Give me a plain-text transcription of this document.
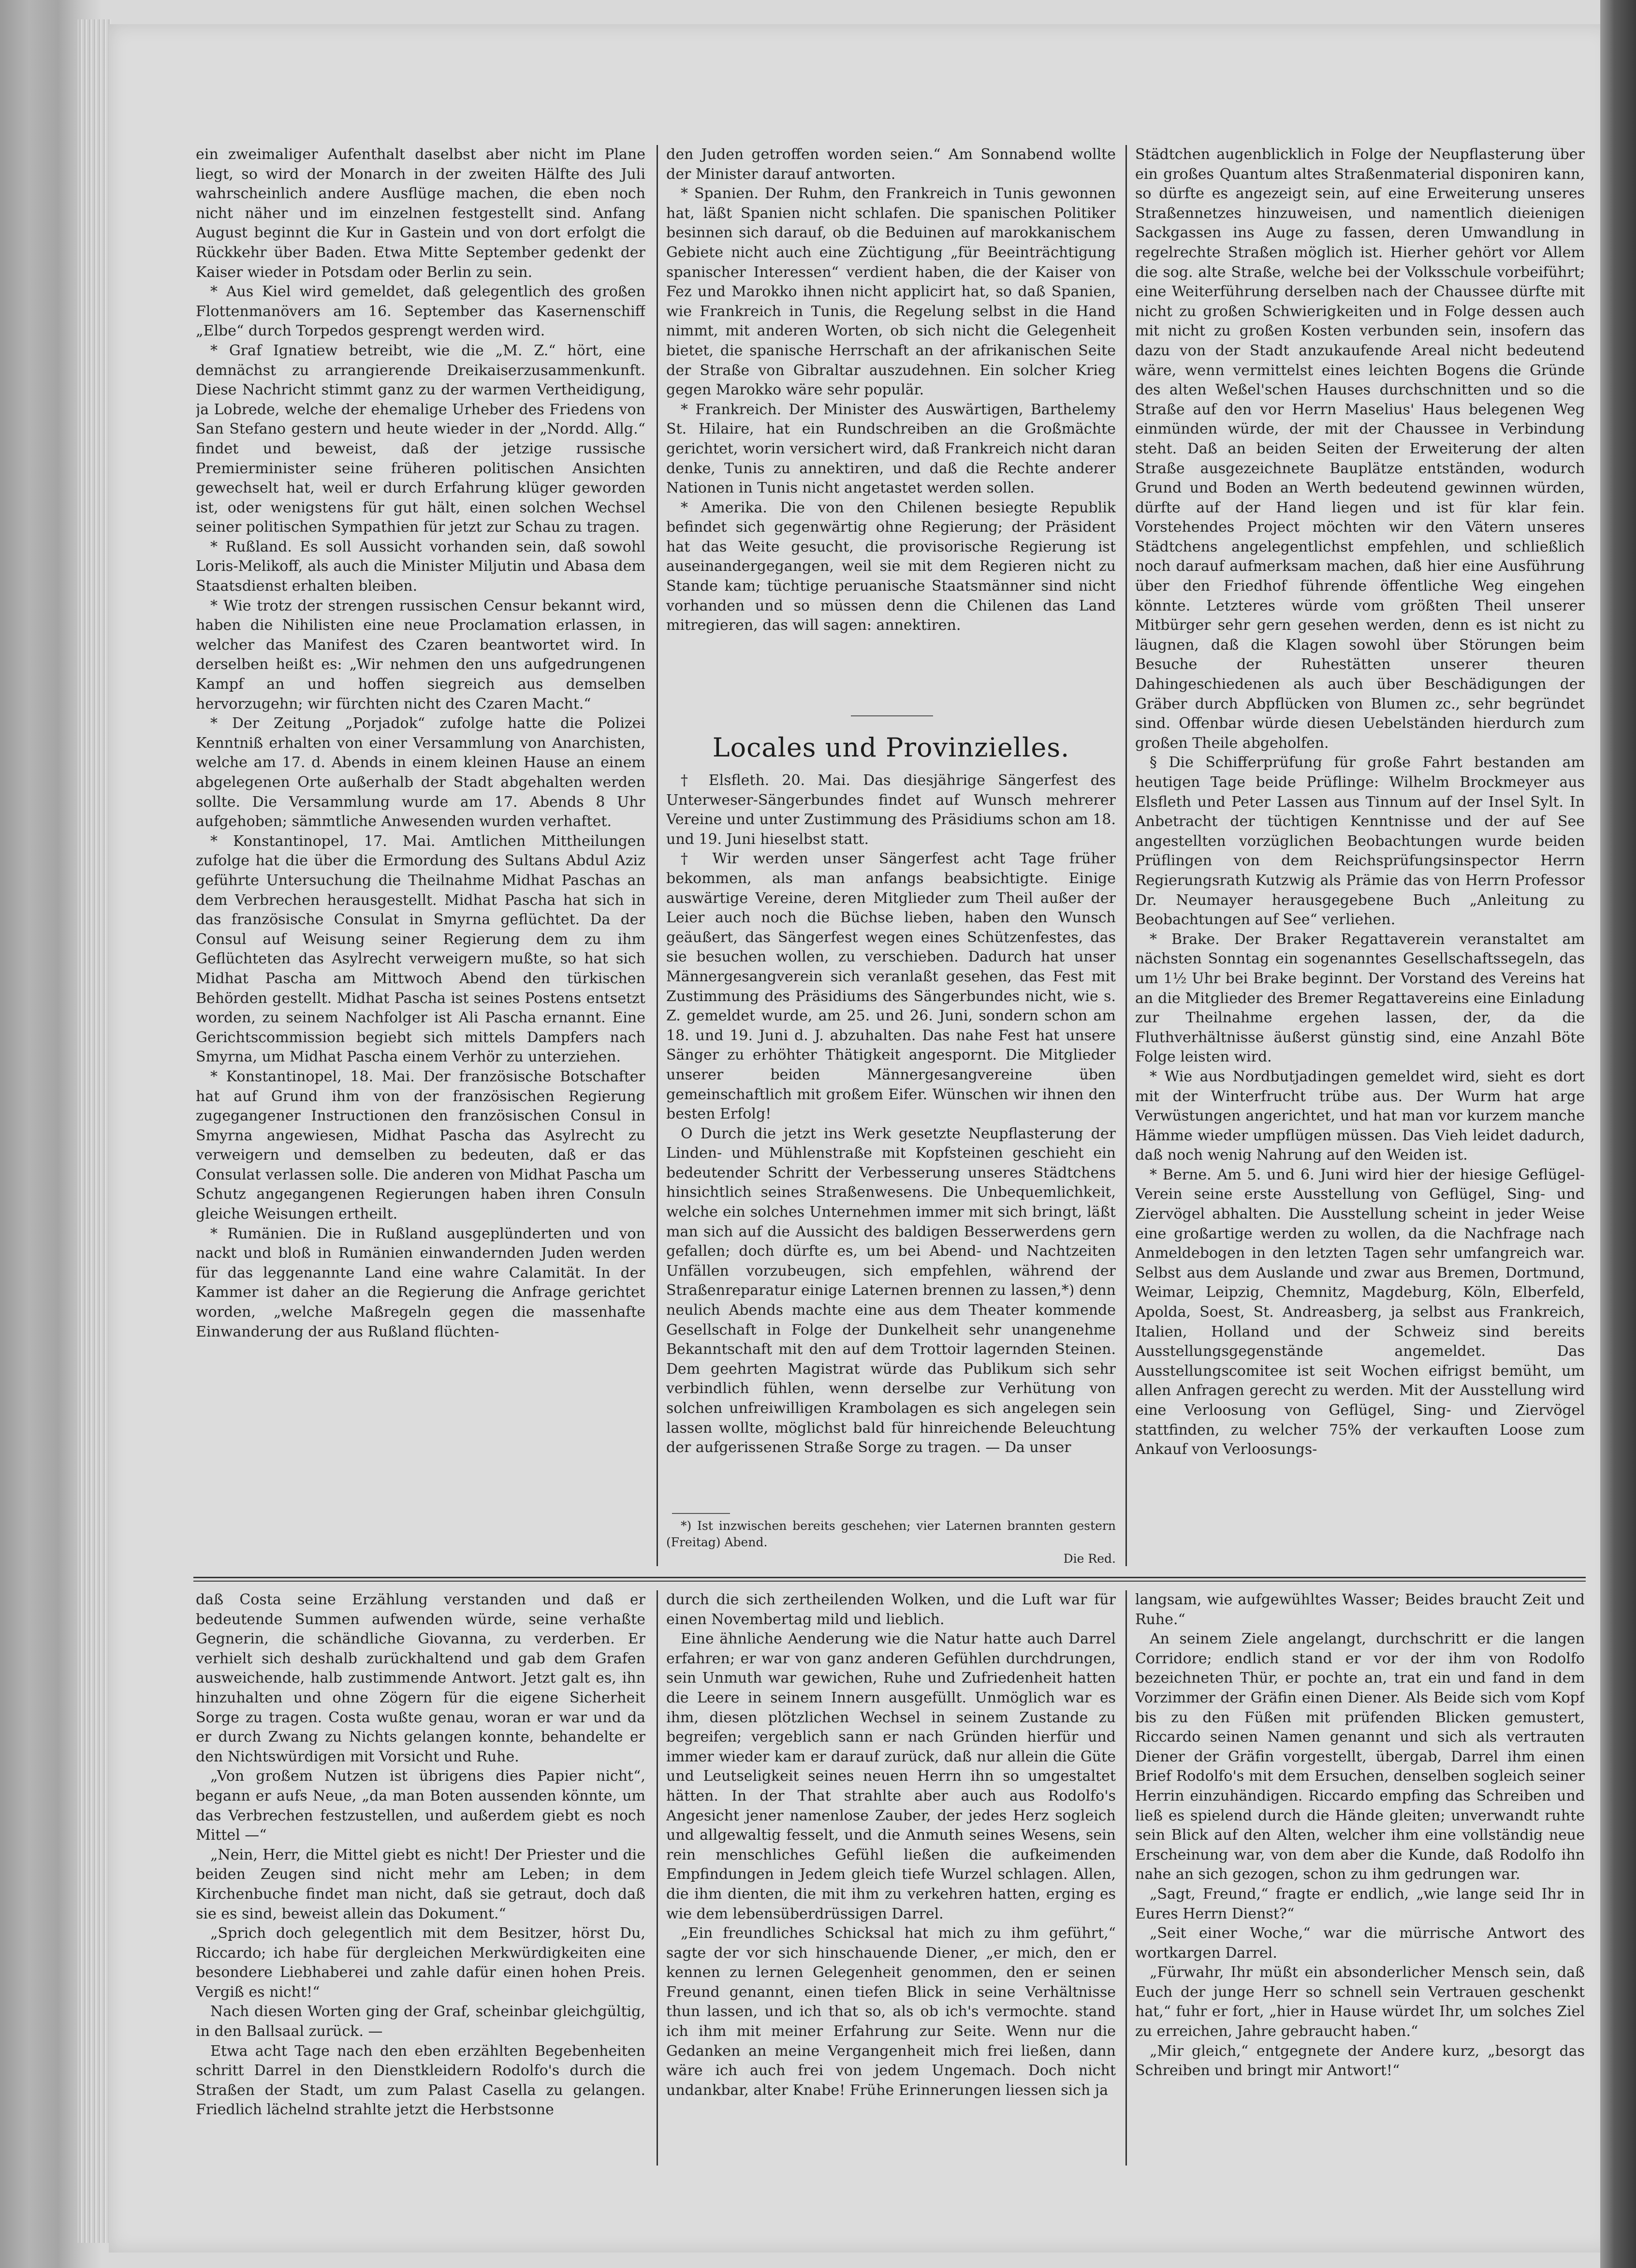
ein zweimaliger Aufenthalt daselbst aber nicht im Plane liegt, so wird der Monarch in der zweiten Hälfte des Juli wahrscheinlich andere Ausflüge machen, die eben noch nicht näher und im einzelnen festgestellt sind. Anfang August beginnt die Kur in Gastein und von dort erfolgt die Rückkehr über Baden. Etwa Mitte September gedenkt der Kaiser wieder in Potsdam oder Berlin zu sein.

* Aus Kiel wird gemeldet, daß gelegentlich des großen Flottenmanövers am 16. September das Kasernenschiff „Elbe“ durch Torpedos gesprengt werden wird.

* Graf Ignatiew betreibt, wie die „M. Z.“ hört, eine demnächst zu arrangierende Dreikaiserzusammenkunft. Diese Nachricht stimmt ganz zu der warmen Vertheidigung, ja Lobrede, welche der ehemalige Urheber des Friedens von San Stefano gestern und heute wieder in der „Nordd. Allg.“ findet und beweist, daß der jetzige russische Premierminister seine früheren politischen Ansichten gewechselt hat, weil er durch Erfahrung klüger geworden ist, oder wenigstens für gut hält, einen solchen Wechsel seiner politischen Sympathien für jetzt zur Schau zu tragen.

* Rußland. Es soll Aussicht vorhanden sein, daß sowohl Loris-Melikoff, als auch die Minister Miljutin und Abasa dem Staatsdienst erhalten bleiben.

* Wie trotz der strengen russischen Censur bekannt wird, haben die Nihilisten eine neue Proclamation erlassen, in welcher das Manifest des Czaren beantwortet wird. In derselben heißt es: „Wir nehmen den uns aufgedrungenen Kampf an und hoffen siegreich aus demselben hervorzugehn; wir fürchten nicht des Czaren Macht.“

* Der Zeitung „Porjadok“ zufolge hatte die Polizei Kenntniß erhalten von einer Versammlung von Anarchisten, welche am 17. d. Abends in einem kleinen Hause an einem abgelegenen Orte außerhalb der Stadt abgehalten werden sollte. Die Versammlung wurde am 17. Abends 8 Uhr aufgehoben; sämmtliche Anwesenden wurden verhaftet.

* Konstantinopel, 17. Mai. Amtlichen Mittheilungen zufolge hat die über die Ermordung des Sultans Abdul Aziz geführte Untersuchung die Theilnahme Midhat Paschas an dem Verbrechen herausgestellt. Midhat Pascha hat sich in das französische Consulat in Smyrna geflüchtet. Da der Consul auf Weisung seiner Regierung dem zu ihm Geflüchteten das Asylrecht verweigern mußte, so hat sich Midhat Pascha am Mittwoch Abend den türkischen Behörden gestellt. Midhat Pascha ist seines Postens entsetzt worden, zu seinem Nachfolger ist Ali Pascha ernannt. Eine Gerichtscommission begiebt sich mittels Dampfers nach Smyrna, um Midhat Pascha einem Verhör zu unterziehen.

* Konstantinopel, 18. Mai. Der französische Botschafter hat auf Grund ihm von der französischen Regierung zugegangener Instructionen den französischen Consul in Smyrna angewiesen, Midhat Pascha das Asylrecht zu verweigern und demselben zu bedeuten, daß er das Consulat verlassen solle. Die anderen von Midhat Pascha um Schutz angegangenen Regierungen haben ihren Consuln gleiche Weisungen ertheilt.

* Rumänien. Die in Rußland ausgeplünderten und von nackt und bloß in Rumänien einwandernden Juden werden für das leggenannte Land eine wahre Calamität. In der Kammer ist daher an die Regierung die Anfrage gerichtet worden, „welche Maßregeln gegen die massenhafte Einwanderung der aus Rußland flüchten-

den Juden getroffen worden seien.“ Am Sonnabend wollte der Minister darauf antworten.

* Spanien. Der Ruhm, den Frankreich in Tunis gewonnen hat, läßt Spanien nicht schlafen. Die spanischen Politiker besinnen sich darauf, ob die Beduinen auf marokkanischem Gebiete nicht auch eine Züchtigung „für Beeinträchtigung spanischer Interessen“ verdient haben, die der Kaiser von Fez und Marokko ihnen nicht applicirt hat, so daß Spanien, wie Frankreich in Tunis, die Regelung selbst in die Hand nimmt, mit anderen Worten, ob sich nicht die Gelegenheit bietet, die spanische Herrschaft an der afrikanischen Seite der Straße von Gibraltar auszudehnen. Ein solcher Krieg gegen Marokko wäre sehr populär.

* Frankreich. Der Minister des Auswärtigen, Barthelemy St. Hilaire, hat ein Rundschreiben an die Großmächte gerichtet, worin versichert wird, daß Frankreich nicht daran denke, Tunis zu annektiren, und daß die Rechte anderer Nationen in Tunis nicht angetastet werden sollen.

* Amerika. Die von den Chilenen besiegte Republik befindet sich gegenwärtig ohne Regierung; der Präsident hat das Weite gesucht, die provisorische Regierung ist auseinandergegangen, weil sie mit dem Regieren nicht zu Stande kam; tüchtige peruanische Staatsmänner sind nicht vorhanden und so müssen denn die Chilenen das Land mitregieren, das will sagen: annektiren.

Locales und Provinzielles.

† Elsfleth. 20. Mai. Das diesjährige Sängerfest des Unterweser-Sängerbundes findet auf Wunsch mehrerer Vereine und unter Zustimmung des Präsidiums schon am 18. und 19. Juni hieselbst statt.

† Wir werden unser Sängerfest acht Tage früher bekommen, als man anfangs beabsichtigte. Einige auswärtige Vereine, deren Mitglieder zum Theil außer der Leier auch noch die Büchse lieben, haben den Wunsch geäußert, das Sängerfest wegen eines Schützenfestes, das sie besuchen wollen, zu verschieben. Dadurch hat unser Männergesangverein sich veranlaßt gesehen, das Fest mit Zustimmung des Präsidiums des Sängerbundes nicht, wie s. Z. gemeldet wurde, am 25. und 26. Juni, sondern schon am 18. und 19. Juni d. J. abzuhalten. Das nahe Fest hat unsere Sänger zu erhöhter Thätigkeit angespornt. Die Mitglieder unserer beiden Männergesangvereine üben gemeinschaftlich mit großem Eifer. Wünschen wir ihnen den besten Erfolg!

O Durch die jetzt ins Werk gesetzte Neupflasterung der Linden- und Mühlenstraße mit Kopfsteinen geschieht ein bedeutender Schritt der Verbesserung unseres Städtchens hinsichtlich seines Straßenwesens. Die Unbequemlichkeit, welche ein solches Unternehmen immer mit sich bringt, läßt man sich auf die Aussicht des baldigen Besserwerdens gern gefallen; doch dürfte es, um bei Abend- und Nachtzeiten Unfällen vorzubeugen, sich empfehlen, während der Straßenreparatur einige Laternen brennen zu lassen,*) denn neulich Abends machte eine aus dem Theater kommende Gesellschaft in Folge der Dunkelheit sehr unangenehme Bekanntschaft mit den auf dem Trottoir lagernden Steinen. Dem geehrten Magistrat würde das Publikum sich sehr verbindlich fühlen, wenn derselbe zur Verhütung von solchen unfreiwilligen Krambolagen es sich angelegen sein lassen wollte, möglichst bald für hinreichende Beleuchtung der aufgerissenen Straße Sorge zu tragen. — Da unser

*) Ist inzwischen bereits geschehen; vier Laternen brannten gestern (Freitag) Abend.

Die Red.

Städtchen augenblicklich in Folge der Neupflasterung über ein großes Quantum altes Straßenmaterial disponiren kann, so dürfte es angezeigt sein, auf eine Erweiterung unseres Straßennetzes hinzuweisen, und namentlich dieienigen Sackgassen ins Auge zu fassen, deren Umwandlung in regelrechte Straßen möglich ist. Hierher gehört vor Allem die sog. alte Straße, welche bei der Volksschule vorbeiführt; eine Weiterführung derselben nach der Chaussee dürfte mit nicht zu großen Schwierigkeiten und in Folge dessen auch mit nicht zu großen Kosten verbunden sein, insofern das dazu von der Stadt anzukaufende Areal nicht bedeutend wäre, wenn vermittelst eines leichten Bogens die Gründe des alten Weßel'schen Hauses durchschnitten und so die Straße auf den vor Herrn Maselius' Haus belegenen Weg einmünden würde, der mit der Chaussee in Verbindung steht. Daß an beiden Seiten der Erweiterung der alten Straße ausgezeichnete Bauplätze entständen, wodurch Grund und Boden an Werth bedeutend gewinnen würden, dürfte auf der Hand liegen und ist für klar fein. Vorstehendes Project möchten wir den Vätern unseres Städtchens angelegentlichst empfehlen, und schließlich noch darauf aufmerksam machen, daß hier eine Ausführung über den Friedhof führende öffentliche Weg eingehen könnte. Letzteres würde vom größten Theil unserer Mitbürger sehr gern gesehen werden, denn es ist nicht zu läugnen, daß die Klagen sowohl über Störungen beim Besuche der Ruhestätten unserer theuren Dahingeschiedenen als auch über Beschädigungen der Gräber durch Abpflücken von Blumen zc., sehr begründet sind. Offenbar würde diesen Uebelständen hierdurch zum großen Theile abgeholfen.

§ Die Schifferprüfung für große Fahrt bestanden am heutigen Tage beide Prüflinge: Wilhelm Brockmeyer aus Elsfleth und Peter Lassen aus Tinnum auf der Insel Sylt. In Anbetracht der tüchtigen Kenntnisse und der auf See angestellten vorzüglichen Beobachtungen wurde beiden Prüflingen von dem Reichsprüfungsinspector Herrn Regierungsrath Kutzwig als Prämie das von Herrn Professor Dr. Neumayer herausgegebene Buch „Anleitung zu Beobachtungen auf See“ verliehen.

* Brake. Der Braker Regattaverein veranstaltet am nächsten Sonntag ein sogenanntes Gesellschaftssegeln, das um 1½ Uhr bei Brake beginnt. Der Vorstand des Vereins hat an die Mitglieder des Bremer Regattavereins eine Einladung zur Theilnahme ergehen lassen, der, da die Fluthverhältnisse äußerst günstig sind, eine Anzahl Böte Folge leisten wird.

* Wie aus Nordbutjadingen gemeldet wird, sieht es dort mit der Winterfrucht trübe aus. Der Wurm hat arge Verwüstungen angerichtet, und hat man vor kurzem manche Hämme wieder umpflügen müssen. Das Vieh leidet dadurch, daß noch wenig Nahrung auf den Weiden ist.

* Berne. Am 5. und 6. Juni wird hier der hiesige Geflügel-Verein seine erste Ausstellung von Geflügel, Sing- und Ziervögel abhalten. Die Ausstellung scheint in jeder Weise eine großartige werden zu wollen, da die Nachfrage nach Anmeldebogen in den letzten Tagen sehr umfangreich war. Selbst aus dem Auslande und zwar aus Bremen, Dortmund, Weimar, Leipzig, Chemnitz, Magdeburg, Köln, Elberfeld, Apolda, Soest, St. Andreasberg, ja selbst aus Frankreich, Italien, Holland und der Schweiz sind bereits Ausstellungsgegenstände angemeldet. Das Ausstellungscomitee ist seit Wochen eifrigst bemüht, um allen Anfragen gerecht zu werden. Mit der Ausstellung wird eine Verloosung von Geflügel, Sing- und Ziervögel stattfinden, zu welcher 75% der verkauften Loose zum Ankauf von Verloosungs-

daß Costa seine Erzählung verstanden und daß er bedeutende Summen aufwenden würde, seine verhaßte Gegnerin, die schändliche Giovanna, zu verderben. Er verhielt sich deshalb zurückhaltend und gab dem Grafen ausweichende, halb zustimmende Antwort. Jetzt galt es, ihn hinzuhalten und ohne Zögern für die eigene Sicherheit Sorge zu tragen. Costa wußte genau, woran er war und da er durch Zwang zu Nichts gelangen konnte, behandelte er den Nichtswürdigen mit Vorsicht und Ruhe.

„Von großem Nutzen ist übrigens dies Papier nicht“, begann er aufs Neue, „da man Boten aussenden könnte, um das Verbrechen festzustellen, und außerdem giebt es noch Mittel —“

„Nein, Herr, die Mittel giebt es nicht! Der Priester und die beiden Zeugen sind nicht mehr am Leben; in dem Kirchenbuche findet man nicht, daß sie getraut, doch daß sie es sind, beweist allein das Dokument.“

„Sprich doch gelegentlich mit dem Besitzer, hörst Du, Riccardo; ich habe für dergleichen Merkwürdigkeiten eine besondere Liebhaberei und zahle dafür einen hohen Preis. Vergiß es nicht!“

Nach diesen Worten ging der Graf, scheinbar gleichgültig, in den Ballsaal zurück. —

Etwa acht Tage nach den eben erzählten Begebenheiten schritt Darrel in den Dienstkleidern Rodolfo's durch die Straßen der Stadt, um zum Palast Casella zu gelangen. Friedlich lächelnd strahlte jetzt die Herbstsonne

durch die sich zertheilenden Wolken, und die Luft war für einen Novembertag mild und lieblich.

Eine ähnliche Aenderung wie die Natur hatte auch Darrel erfahren; er war von ganz anderen Gefühlen durchdrungen, sein Unmuth war gewichen, Ruhe und Zufriedenheit hatten die Leere in seinem Innern ausgefüllt. Unmöglich war es ihm, diesen plötzlichen Wechsel in seinem Zustande zu begreifen; vergeblich sann er nach Gründen hierfür und immer wieder kam er darauf zurück, daß nur allein die Güte und Leutseligkeit seines neuen Herrn ihn so umgestaltet hätten. In der That strahlte aber auch aus Rodolfo's Angesicht jener namenlose Zauber, der jedes Herz sogleich und allgewaltig fesselt, und die Anmuth seines Wesens, sein rein menschliches Gefühl ließen die aufkeimenden Empfindungen in Jedem gleich tiefe Wurzel schlagen. Allen, die ihm dienten, die mit ihm zu verkehren hatten, erging es wie dem lebensüberdrüssigen Darrel.

„Ein freundliches Schicksal hat mich zu ihm geführt,“ sagte der vor sich hinschauende Diener, „er mich, den er kennen zu lernen Gelegenheit genommen, den er seinen Freund genannt, einen tiefen Blick in seine Verhältnisse thun lassen, und ich that so, als ob ich's vermochte. stand ich ihm mit meiner Erfahrung zur Seite. Wenn nur die Gedanken an meine Vergangenheit mich frei ließen, dann wäre ich auch frei von jedem Ungemach. Doch nicht undankbar, alter Knabe! Frühe Erinnerungen liessen sich ja

langsam, wie aufgewühltes Wasser; Beides braucht Zeit und Ruhe.“

An seinem Ziele angelangt, durchschritt er die langen Corridore; endlich stand er vor der ihm von Rodolfo bezeichneten Thür, er pochte an, trat ein und fand in dem Vorzimmer der Gräfin einen Diener. Als Beide sich vom Kopf bis zu den Füßen mit prüfenden Blicken gemustert, Riccardo seinen Namen genannt und sich als vertrauten Diener der Gräfin vorgestellt, übergab, Darrel ihm einen Brief Rodolfo's mit dem Ersuchen, denselben sogleich seiner Herrin einzuhändigen. Riccardo empfing das Schreiben und ließ es spielend durch die Hände gleiten; unverwandt ruhte sein Blick auf den Alten, welcher ihm eine vollständig neue Erscheinung war, von dem aber die Kunde, daß Rodolfo ihn nahe an sich gezogen, schon zu ihm gedrungen war.

„Sagt, Freund,“ fragte er endlich, „wie lange seid Ihr in Eures Herrn Dienst?“

„Seit einer Woche,“ war die mürrische Antwort des wortkargen Darrel.

„Fürwahr, Ihr müßt ein absonderlicher Mensch sein, daß Euch der junge Herr so schnell sein Vertrauen geschenkt hat,“ fuhr er fort, „hier in Hause würdet Ihr, um solches Ziel zu erreichen, Jahre gebraucht haben.“

„Mir gleich,“ entgegnete der Andere kurz, „besorgt das Schreiben und bringt mir Antwort!“
